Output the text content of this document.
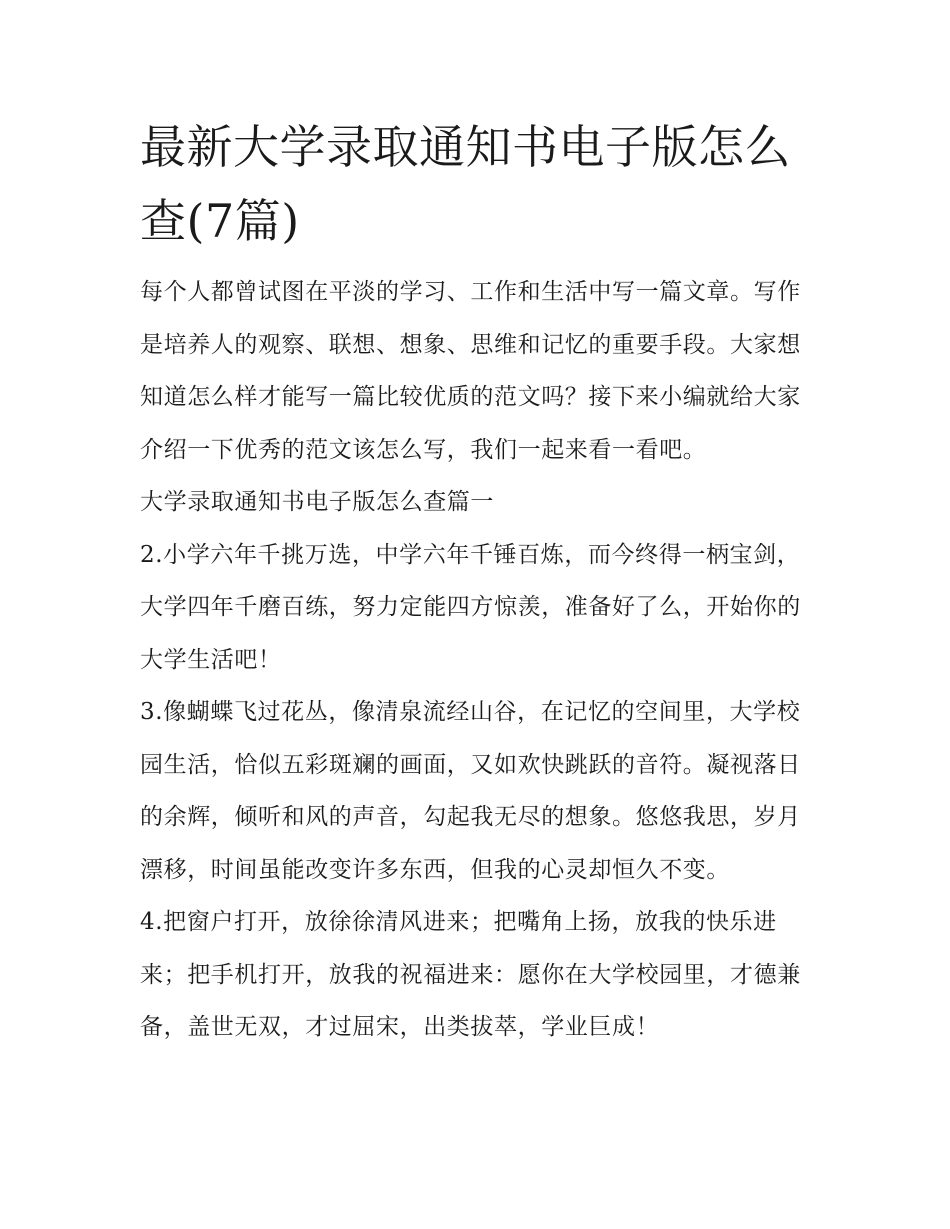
最新大学录取通知书电子版怎么查(7篇)

每个人都曾试图在平淡的学习、工作和生活中写一篇文章。写作是培养人的观察、联想、想象、思维和记忆的重要手段。大家想知道怎么样才能写一篇比较优质的范文吗？接下来小编就给大家介绍一下优秀的范文该怎么写，我们一起来看一看吧。

大学录取通知书电子版怎么查篇一

2.小学六年千挑万选，中学六年千锤百炼，而今终得一柄宝剑，大学四年千磨百练，努力定能四方惊羡，准备好了么，开始你的大学生活吧！

3.像蝴蝶飞过花丛，像清泉流经山谷，在记忆的空间里，大学校园生活，恰似五彩斑斓的画面，又如欢快跳跃的音符。凝视落日的余辉，倾听和风的声音，勾起我无尽的想象。悠悠我思，岁月漂移，时间虽能改变许多东西，但我的心灵却恒久不变。

4.把窗户打开，放徐徐清风进来；把嘴角上扬，放我的快乐进来；把手机打开，放我的祝福进来：愿你在大学校园里，才德兼备，盖世无双，才过屈宋，出类拔萃，学业巨成！
